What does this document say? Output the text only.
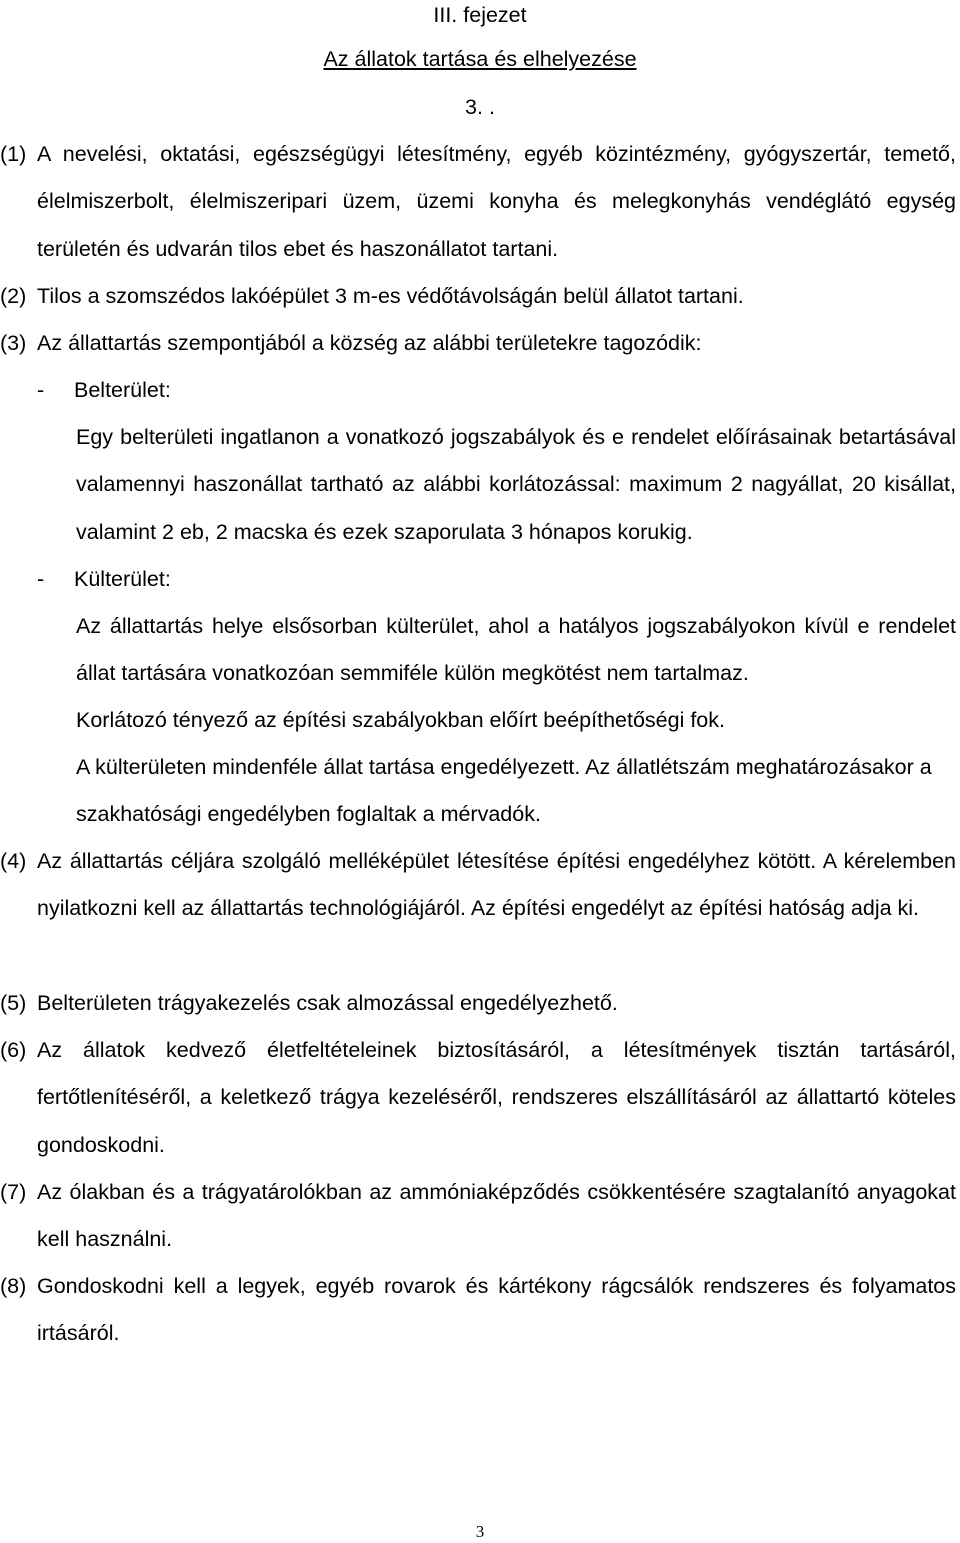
III. fejezet
Az állatok tartása és elhelyezése
3. .
(1) A nevelési, oktatási, egészségügyi létesítmény, egyéb közintézmény, gyógyszertár, temető, élelmiszerbolt, élelmiszeripari üzem, üzemi konyha és melegkonyhás vendéglátó egység területén és udvarán tilos ebet és haszonállatot tartani.
(2) Tilos a szomszédos lakóépület 3 m-es védőtávolságán belül állatot tartani.
(3) Az állattartás szempontjából a község az alábbi területekre tagozódik:
- Belterület:

Egy belterületi ingatlanon a vonatkozó jogszabályok és e rendelet előírásainak betartásával valamennyi haszonállat tartható az alábbi korlátozással: maximum 2 nagyállat, 20 kisállat, valamint 2 eb, 2 macska és ezek szaporulata 3 hónapos korukig.

- Külterület:

Az állattartás helye elsősorban külterület, ahol a hatályos jogszabályokon kívül e rendelet állat tartására vonatkozóan semmiféle külön megkötést nem tartalmaz.

Korlátozó tényező az építési szabályokban előírt beépíthetőségi fok.

A külterületen mindenféle állat tartása engedélyezett. Az állatlétszám meghatározásakor a szakhatósági engedélyben foglaltak a mérvadók.

(4) Az állattartás céljára szolgáló melléképület létesítése építési engedélyhez kötött. A kérelemben nyilatkozni kell az állattartás technológiájáról. Az építési engedélyt az építési hatóság adja ki.
(5) Belterületen trágyakezelés csak almozással engedélyezhető.
(6) Az állatok kedvező életfeltételeinek biztosításáról, a létesítmények tisztán tartásáról, fertőtlenítéséről, a keletkező trágya kezeléséről, rendszeres elszállításáról az állattartó köteles gondoskodni.
(7) Az ólakban és a trágyatárolókban az ammóniaképződés csökkentésére szagtalanító anyagokat kell használni.
(8) Gondoskodni kell a legyek, egyéb rovarok és kártékony rágcsálók rendszeres és folyamatos irtásáról.
3
